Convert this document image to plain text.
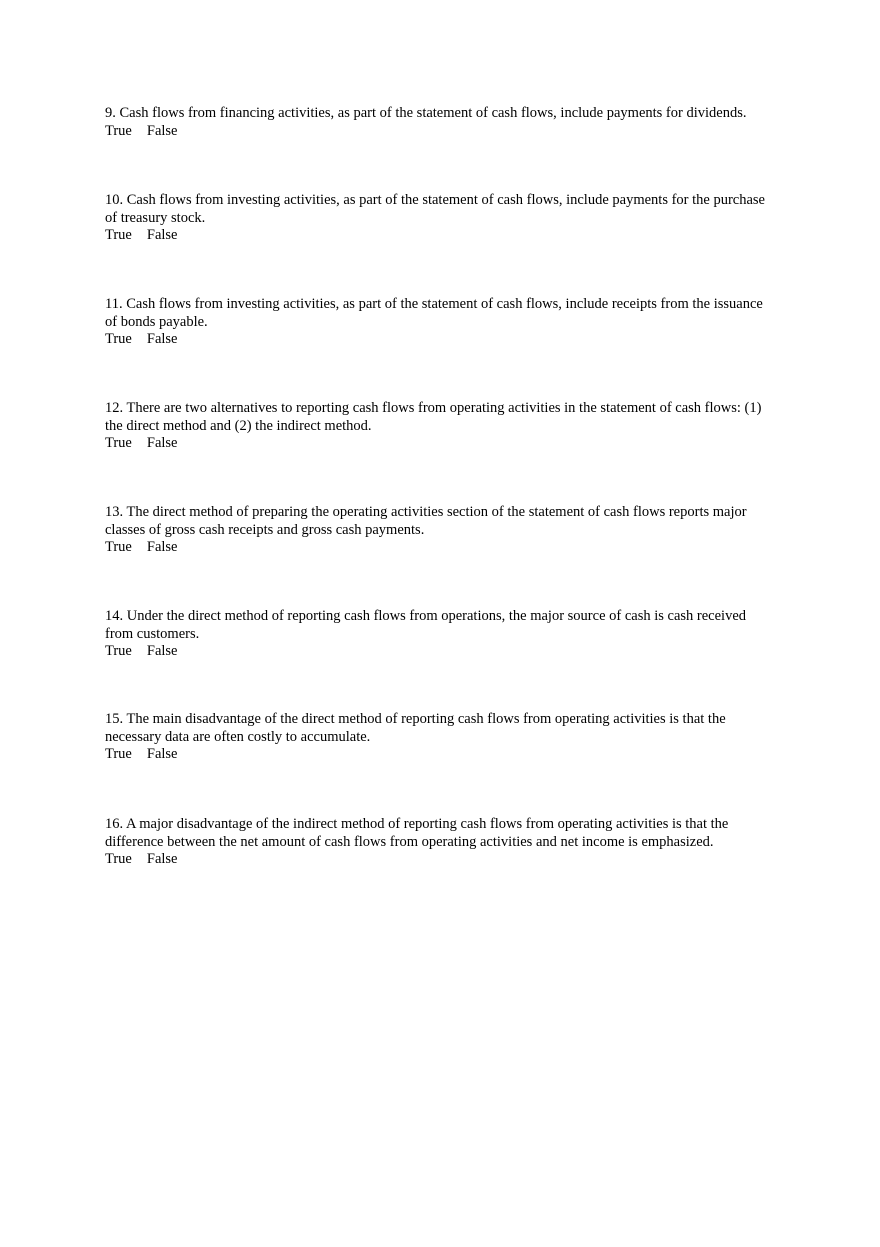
9. Cash flows from financing activities, as part of the statement of cash flows, include payments for dividends.

True False

10. Cash flows from investing activities, as part of the statement of cash flows, include payments for the purchase of treasury stock.

True False

11. Cash flows from investing activities, as part of the statement of cash flows, include receipts from the issuance of bonds payable.

True False

12. There are two alternatives to reporting cash flows from operating activities in the statement of cash flows: (1) the direct method and (2) the indirect method.

True False

13. The direct method of preparing the operating activities section of the statement of cash flows reports major classes of gross cash receipts and gross cash payments.

True False

14. Under the direct method of reporting cash flows from operations, the major source of cash is cash received from customers.

True False

15. The main disadvantage of the direct method of reporting cash flows from operating activities is that the necessary data are often costly to accumulate.

True False

16. A major disadvantage of the indirect method of reporting cash flows from operating activities is that the difference between the net amount of cash flows from operating activities and net income is emphasized.

True False
